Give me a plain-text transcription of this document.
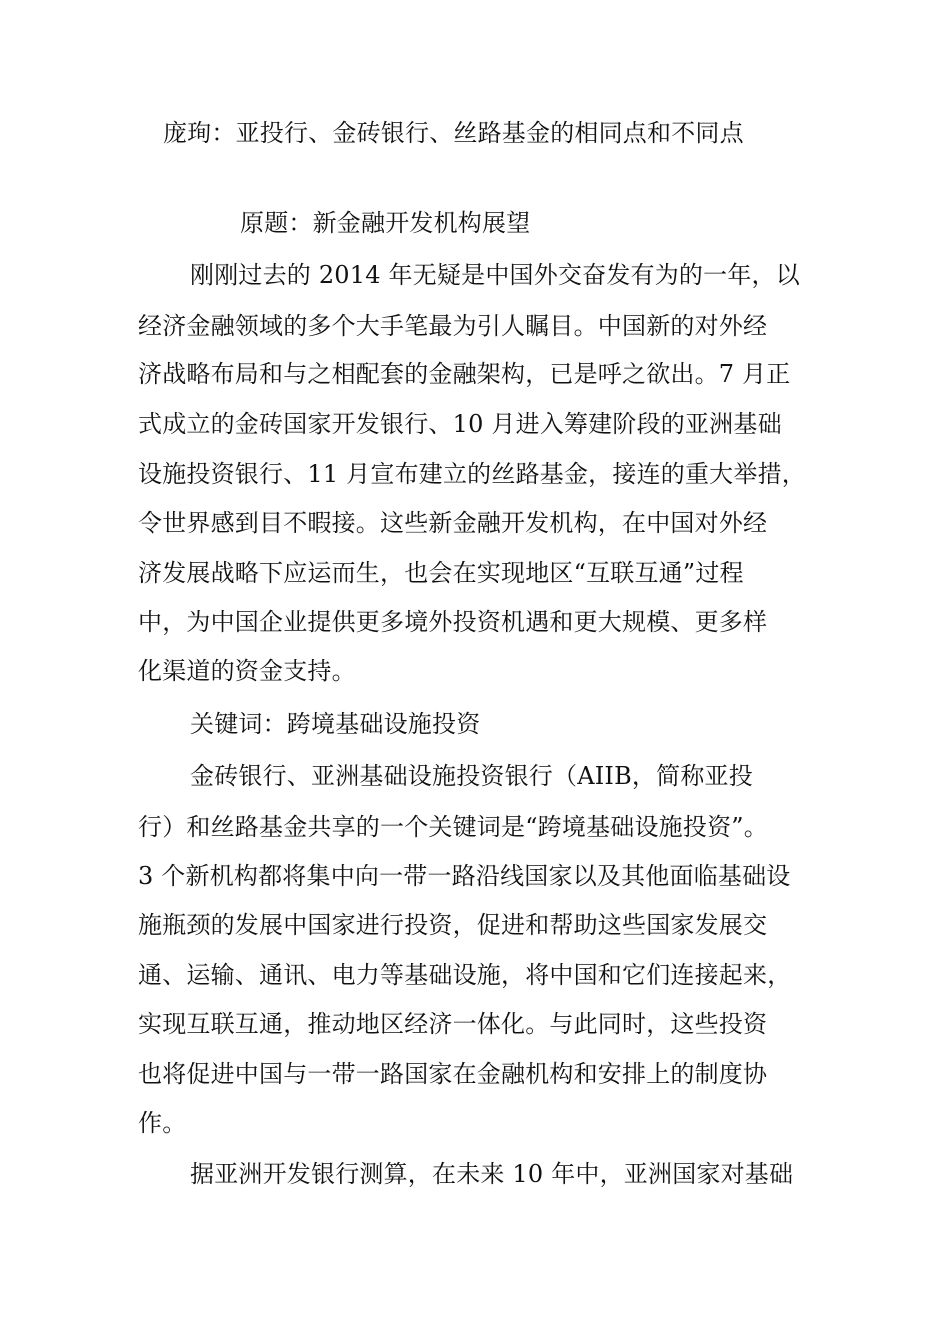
庞珣：亚投行、金砖银行、丝路基金的相同点和不同点
原题：新金融开发机构展望
刚刚过去的 2014 年无疑是中国外交奋发有为的一年，以
经济金融领域的多个大手笔最为引人瞩目。中国新的对外经
济战略布局和与之相配套的金融架构，已是呼之欲出。7 月正
式成立的金砖国家开发银行、10 月进入筹建阶段的亚洲基础
设施投资银行、11 月宣布建立的丝路基金，接连的重大举措，
令世界感到目不暇接。这些新金融开发机构，在中国对外经
济发展战略下应运而生，也会在实现地区“互联互通”过程
中，为中国企业提供更多境外投资机遇和更大规模、更多样
化渠道的资金支持。
关键词：跨境基础设施投资
金砖银行、亚洲基础设施投资银行（AIIB，简称亚投
行）和丝路基金共享的一个关键词是“跨境基础设施投资”。
3 个新机构都将集中向一带一路沿线国家以及其他面临基础设
施瓶颈的发展中国家进行投资，促进和帮助这些国家发展交
通、运输、通讯、电力等基础设施，将中国和它们连接起来，
实现互联互通，推动地区经济一体化。与此同时，这些投资
也将促进中国与一带一路国家在金融机构和安排上的制度协
作。
据亚洲开发银行测算，在未来 10 年中，亚洲国家对基础
